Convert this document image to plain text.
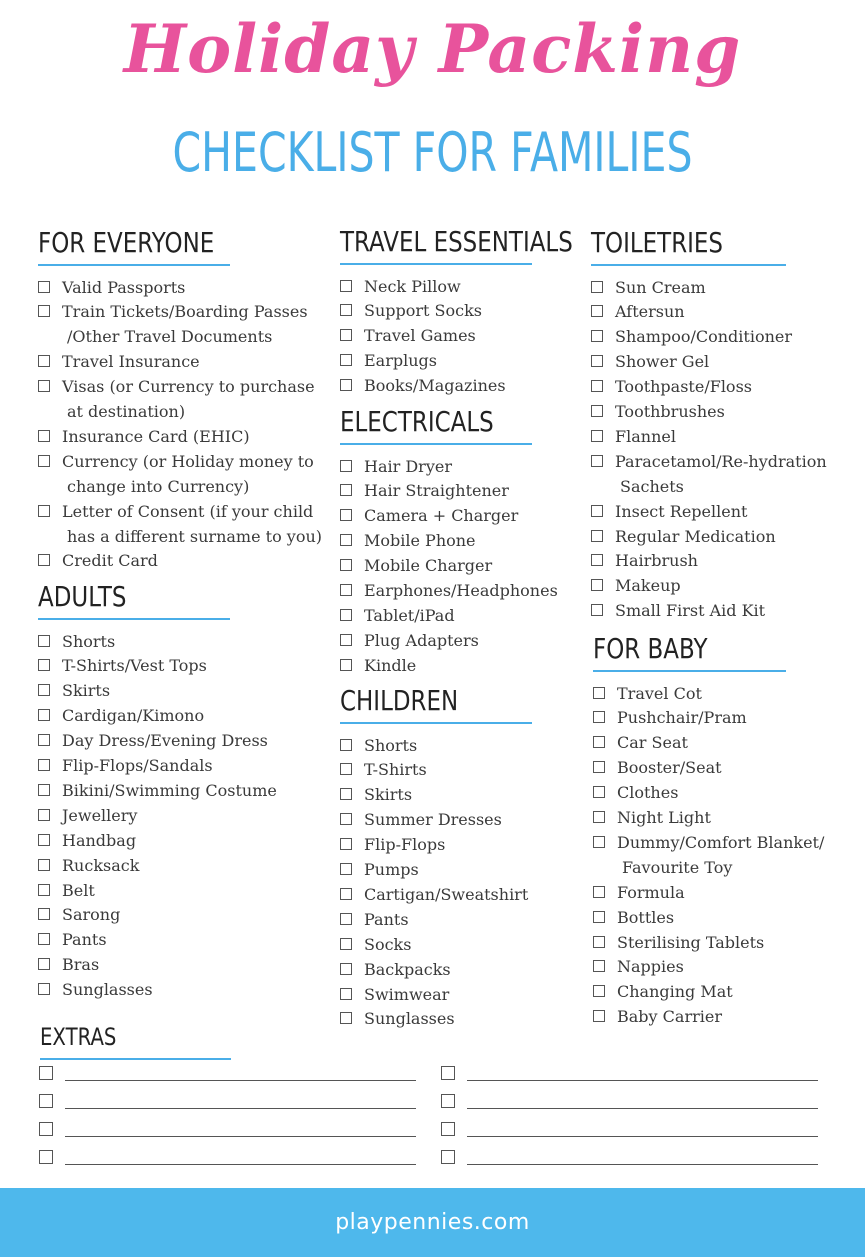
Holiday Packing
CHECKLIST FOR FAMILIES
FOR EVERYONE
Valid Passports
Train Tickets/Boarding Passes
/Other Travel Documents
Travel Insurance
Visas (or Currency to purchase
at destination)
Insurance Card (EHIC)
Currency (or Holiday money to
change into Currency)
Letter of Consent (if your child
has a different surname to you)
Credit Card
ADULTS
Shorts
T-Shirts/Vest Tops
Skirts
Cardigan/Kimono
Day Dress/Evening Dress
Flip-Flops/Sandals
Bikini/Swimming Costume
Jewellery
Handbag
Rucksack
Belt
Sarong
Pants
Bras
Sunglasses
TRAVEL ESSENTIALS
Neck Pillow
Support Socks
Travel Games
Earplugs
Books/Magazines
ELECTRICALS
Hair Dryer
Hair Straightener
Camera + Charger
Mobile Phone
Mobile Charger
Earphones/Headphones
Tablet/iPad
Plug Adapters
Kindle
CHILDREN
Shorts
T-Shirts
Skirts
Summer Dresses
Flip-Flops
Pumps
Cartigan/Sweatshirt
Pants
Socks
Backpacks
Swimwear
Sunglasses
TOILETRIES
Sun Cream
Aftersun
Shampoo/Conditioner
Shower Gel
Toothpaste/Floss
Toothbrushes
Flannel
Paracetamol/Re-hydration
Sachets
Insect Repellent
Regular Medication
Hairbrush
Makeup
Small First Aid Kit
FOR BABY
Travel Cot
Pushchair/Pram
Car Seat
Booster/Seat
Clothes
Night Light
Dummy/Comfort Blanket/
Favourite Toy
Formula
Bottles
Sterilising Tablets
Nappies
Changing Mat
Baby Carrier
EXTRAS
playpennies.com
